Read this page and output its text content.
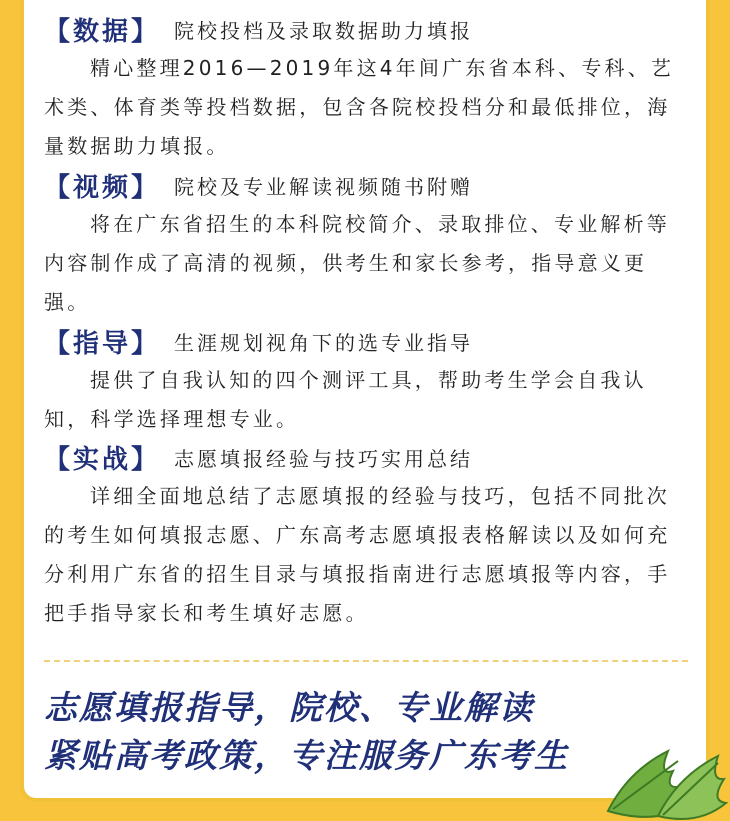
【数据】 院校投档及录取数据助力填报

精心整理2016—2019年这4年间广东省本科、专科、艺术类、体育类等投档数据，包含各院校投档分和最低排位，海量数据助力填报。

【视频】 院校及专业解读视频随书附赠

将在广东省招生的本科院校简介、录取排位、专业解析等内容制作成了高清的视频，供考生和家长参考，指导意义更强。

【指导】 生涯规划视角下的选专业指导

提供了自我认知的四个测评工具，帮助考生学会自我认知，科学选择理想专业。

【实战】 志愿填报经验与技巧实用总结

详细全面地总结了志愿填报的经验与技巧，包括不同批次的考生如何填报志愿、广东高考志愿填报表格解读以及如何充分利用广东省的招生目录与填报指南进行志愿填报等内容，手把手指导家长和考生填好志愿。

志愿填报指导，院校、专业解读
紧贴高考政策，专注服务广东考生
